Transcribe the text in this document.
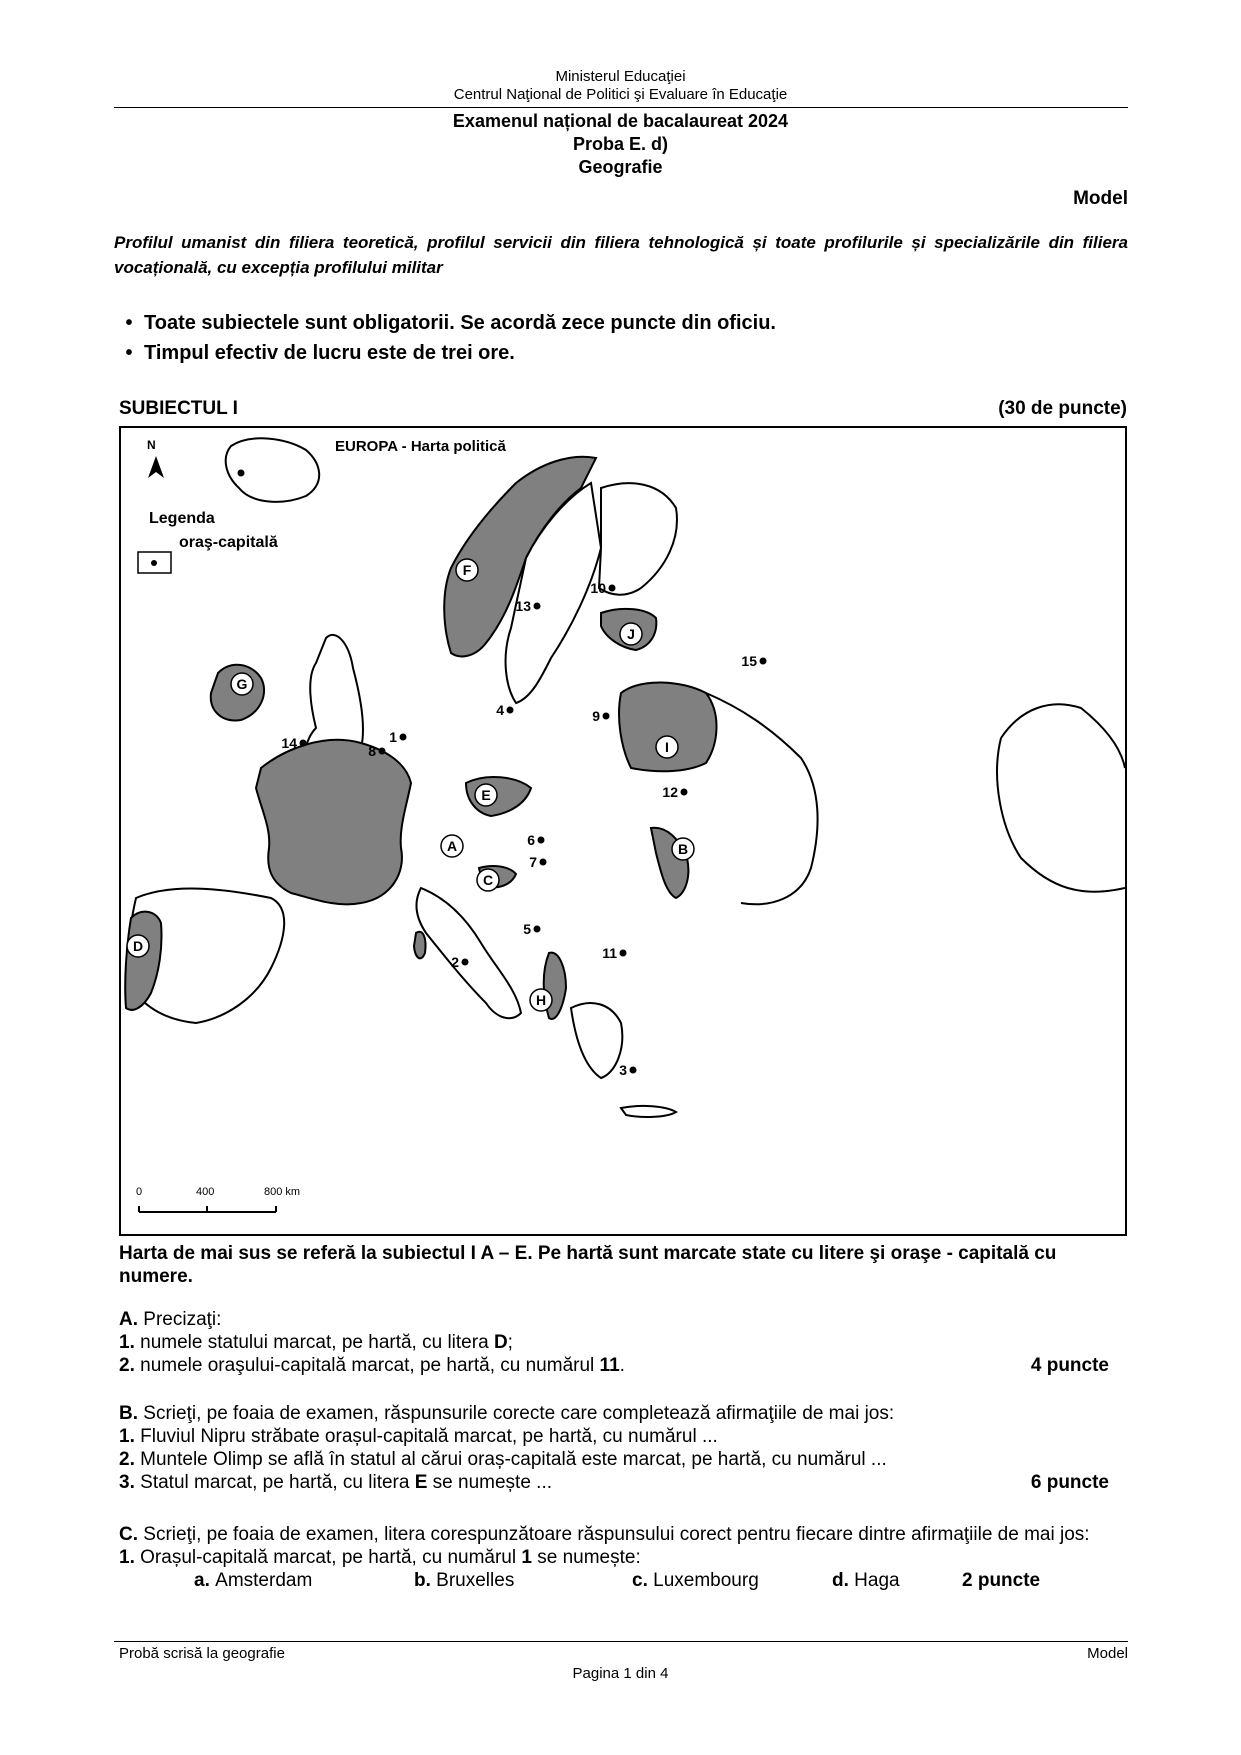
Ministerul Educaţiei
Centrul Naţional de Politici şi Evaluare în Educaţie
Examenul național de bacalaureat 2024
Proba E. d)
Geografie
Model
Profilul umanist din filiera teoretică, profilul servicii din filiera tehnologică și toate profilurile și specializările din filiera vocațională, cu excepția profilului militar
• Toate subiectele sunt obligatorii. Se acordă zece puncte din oficiu.
• Timpul efectiv de lucru este de trei ore.
SUBIECTUL I	(30 de puncte)
A	B
C
D
E
F
G
H
I
J
1
2
3
4
5
6
7
8
9
10
11
12
13
14
15
N	EUROPA - Harta politică
Legenda
oraş-capitală
0	400	800 km
Harta de mai sus se referă la subiectul I A – E. Pe hartă sunt marcate state cu litere şi oraşe - capitală cu numere.
A. Precizaţi:
1. numele statului marcat, pe hartă, cu litera D;
2. numele oraşului-capitală marcat, pe hartă, cu numărul 11.	4 puncte
B. Scrieţi, pe foaia de examen, răspunsurile corecte care completează afirmaţiile de mai jos:
1. Fluviul Nipru străbate orașul-capitală marcat, pe hartă, cu numărul ...
2. Muntele Olimp se află în statul al cărui oraș-capitală este marcat, pe hartă, cu numărul ...
3. Statul marcat, pe hartă, cu litera E se numește ...	6 puncte
C. Scrieţi, pe foaia de examen, litera corespunzătoare răspunsului corect pentru fiecare dintre afirmaţiile de mai jos:
1. Orașul-capitală marcat, pe hartă, cu numărul 1 se numește:
a. Amsterdam	b. Bruxelles	c. Luxembourg	d. Haga	2 puncte
Probă scrisă la geografie	Model
Pagina 1 din 4
